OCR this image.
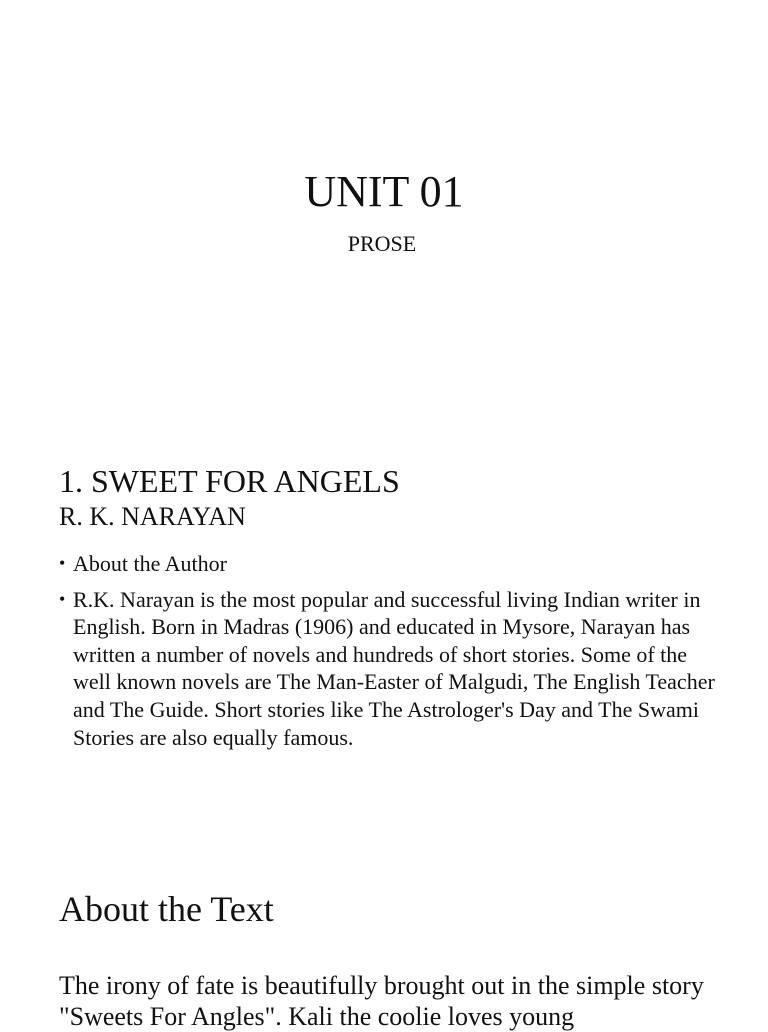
UNIT 01
PROSE
1. SWEET FOR ANGELS
R. K. NARAYAN
• About the Author
• R.K. Narayan is the most popular and successful living Indian writer in English. Born in Madras (1906) and educated in Mysore, Narayan has written a number of novels and hundreds of short stories. Some of the well known novels are The Man-Easter of Malgudi, The English Teacher and The Guide. Short stories like The Astrologer's Day and The Swami Stories are also equally famous.
About the Text

The irony of fate is beautifully brought out in the simple story "Sweets For Angles". Kali the coolie loves young
